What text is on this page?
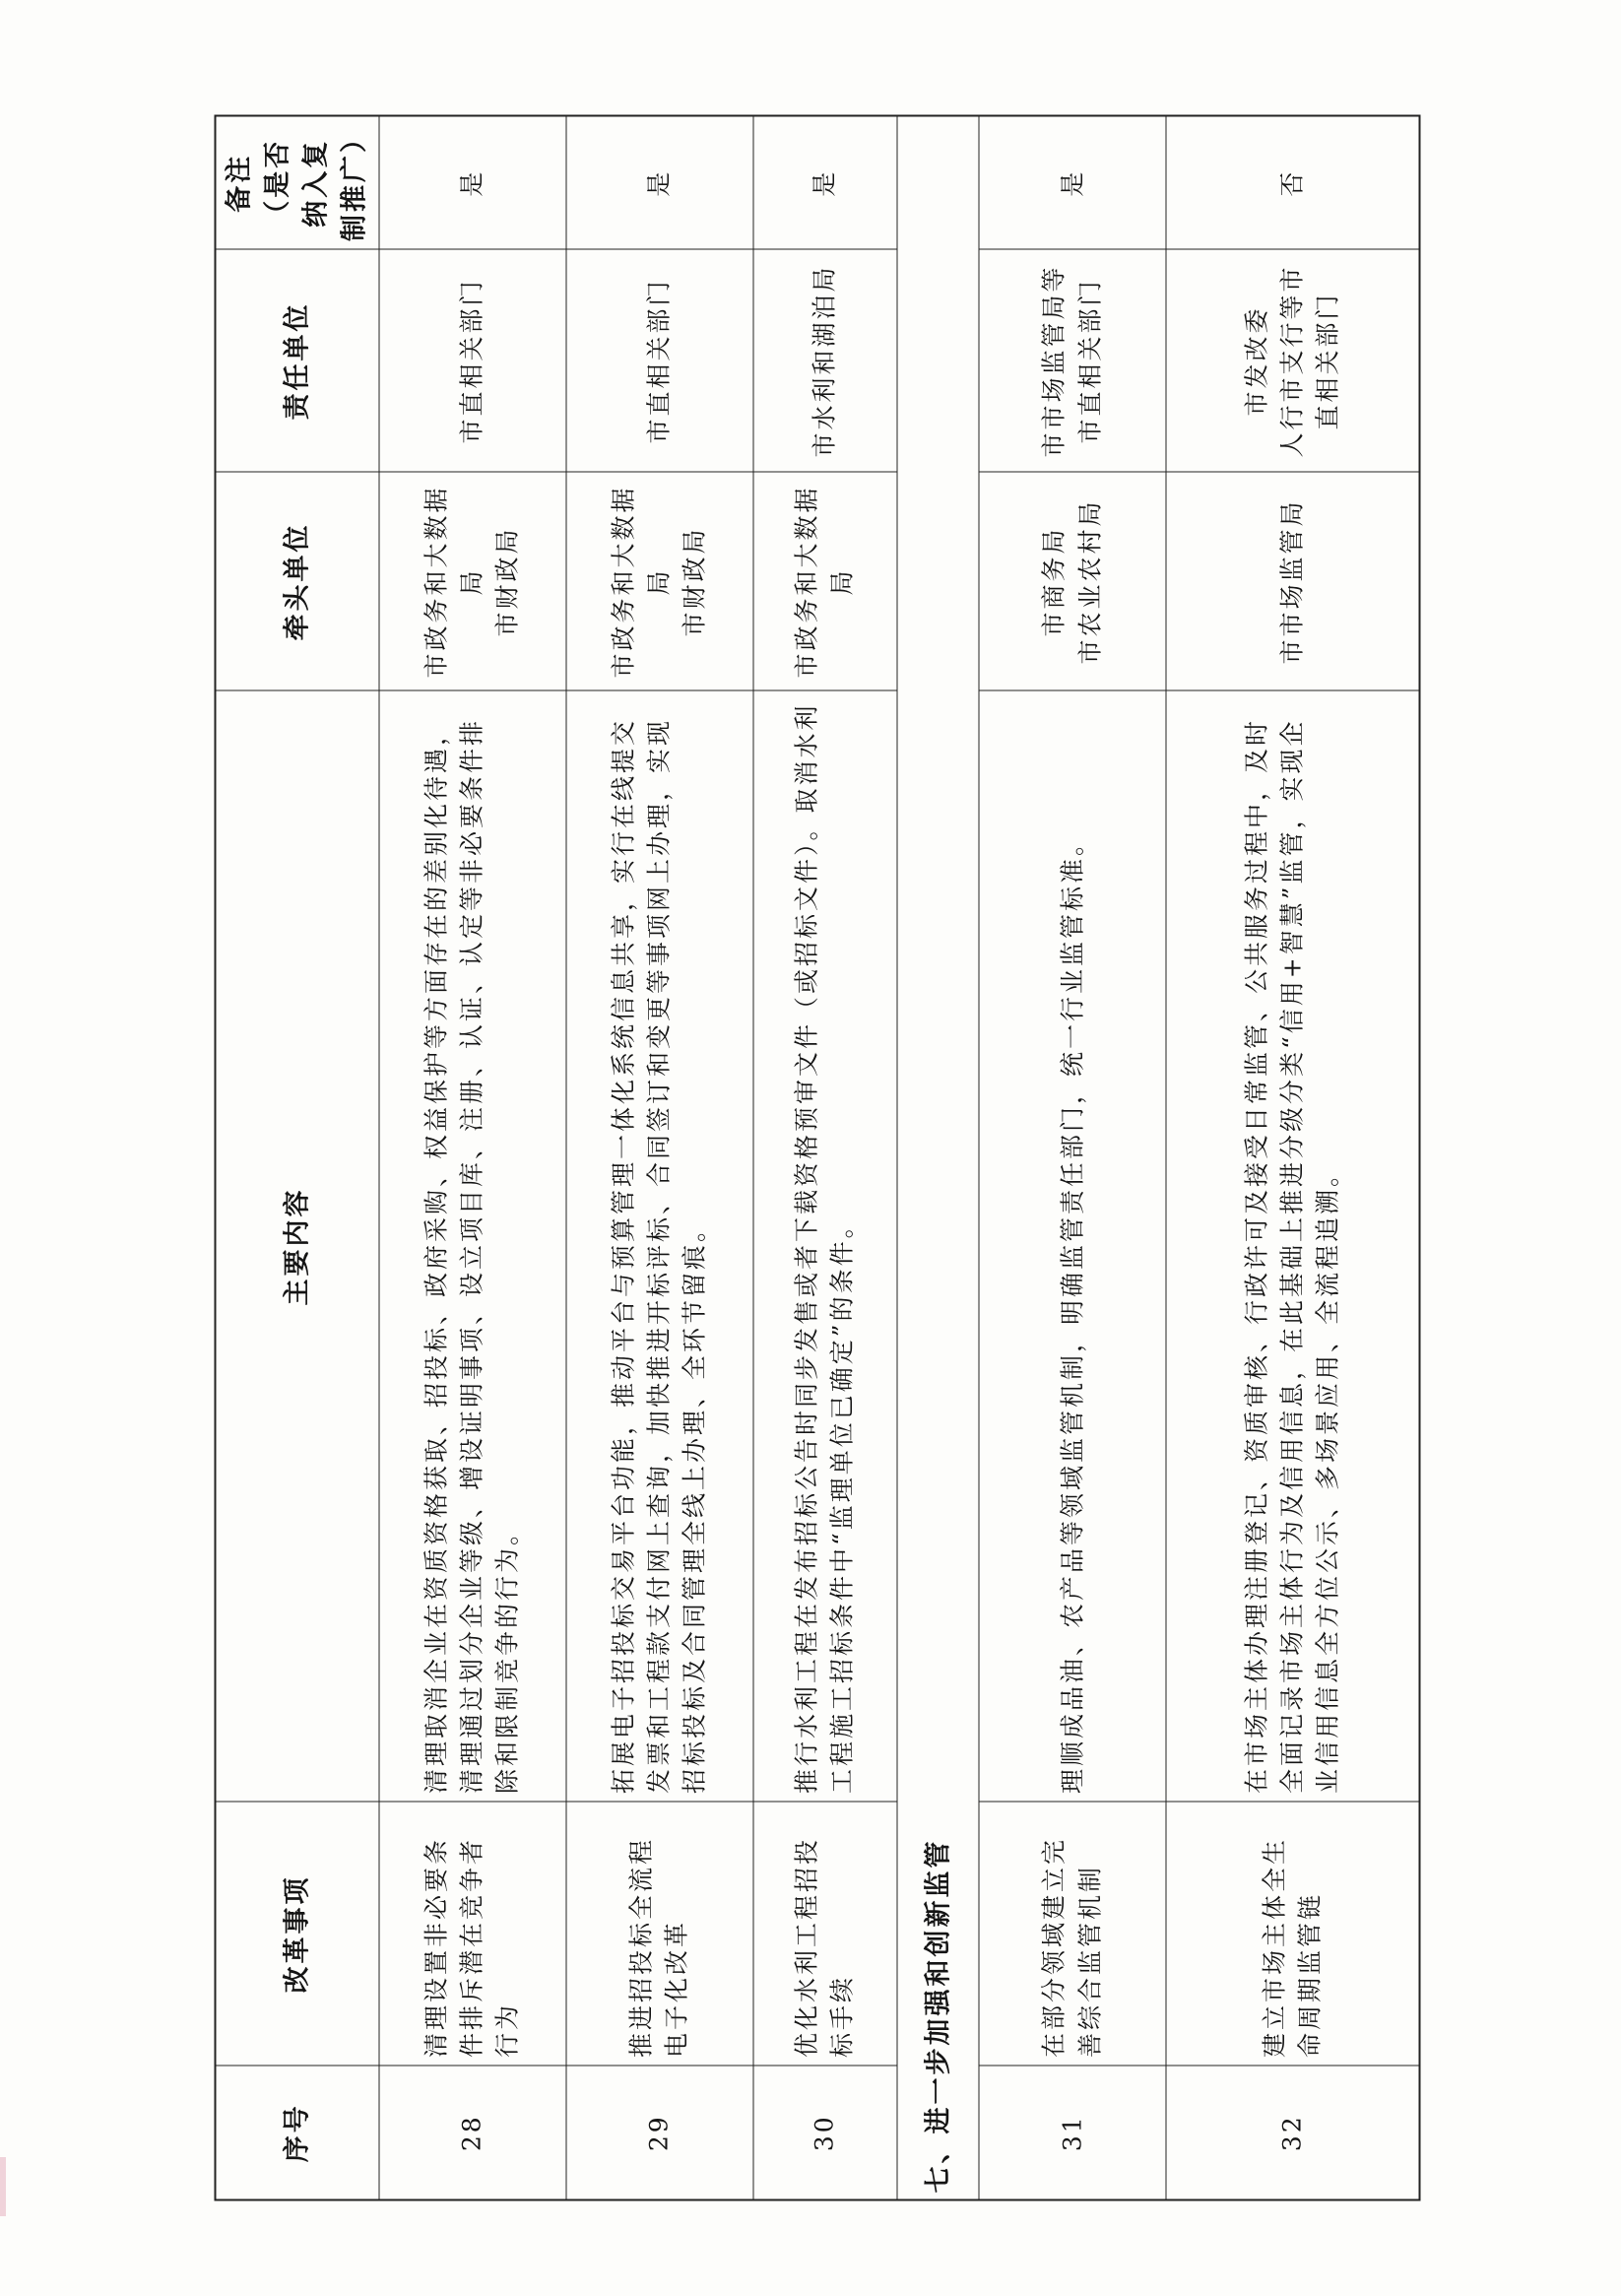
序号	改革事项	主要内容	牵头单位	责任单位	备注 （是否纳入复制推广）

28	清理设置非必要条件排斥潜在竞争者行为	清理取消企业在资质资格获取、招投标、政府采购、权益保护等方面存在的差别化待遇，清理通过划分企业等级、增设证明事项、设立项目库、注册、认证、认定等非必要条件排除和限制竞争的行为。	市政务和大数据局
市财政局	市直相关部门	是
29	推进招投标全流程电子化改革	拓展电子招投标交易平台功能，推动平台与预算管理一体化系统信息共享，实行在线提交发票和工程款支付网上查询，加快推进开标评标、合同签订和变更等事项网上办理，实现招标投标及合同管理全线上办理、全环节留痕。	市政务和大数据局
市财政局	市直相关部门	是
30	优化水利工程招投标手续	推行水利工程在发布招标公告时同步发售或者下载资格预审文件（或招标文件）。取消水利工程施工招标条件中“监理单位已确定”的条件。	市政务和大数据局	市水利和湖泊局	是
七、进一步加强和创新监管					
31	在部分领域建立完善综合监管机制	理顺成品油、农产品等领域监管机制，明确监管责任部门，统一行业监管标准。	市商务局
市农业农村局	市市场监管局等市直相关部门	是
32	建立市场主体全生命周期监管链	在市场主体办理注册登记、资质审核、行政许可及接受日常监管、公共服务过程中，及时全面记录市场主体行为及信用信息，在此基础上推进分级分类“信用+智慧”监管，实现企业信用信息全方位公示、多场景应用、全流程追溯。	市市场监管局	市发改委
人行市支行等市直相关部门	否
